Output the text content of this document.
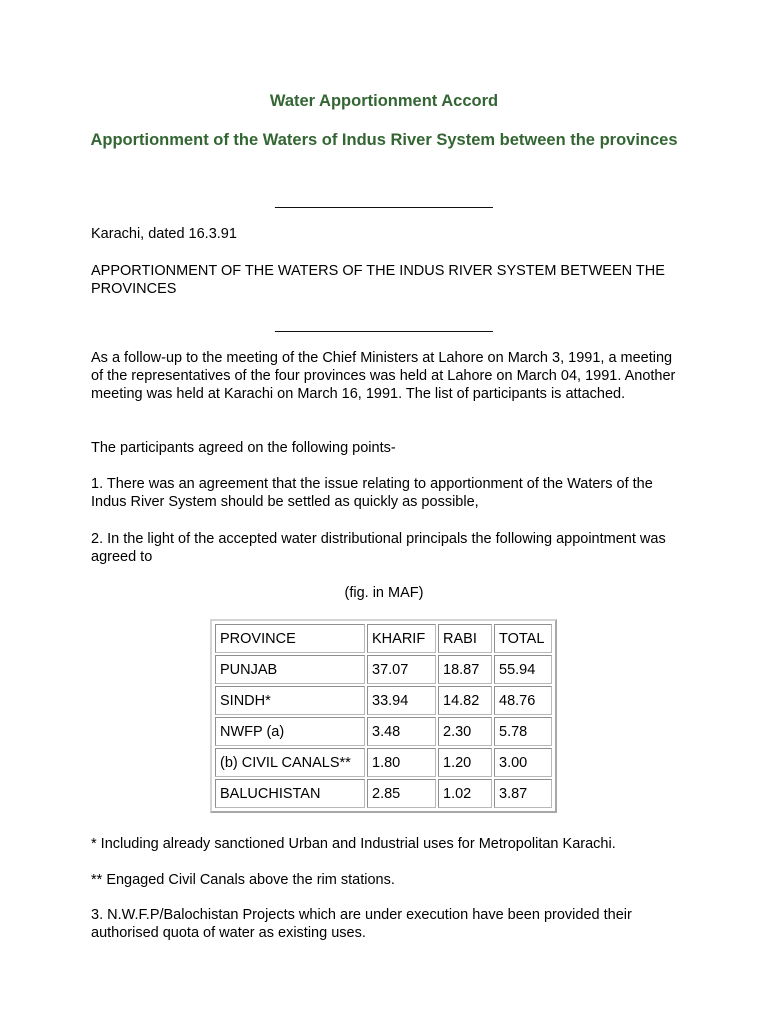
Water Apportionment Accord
Apportionment of the Waters of Indus River System between the provinces

___________________________

Karachi, dated 16.3.91

APPORTIONMENT OF THE WATERS OF THE INDUS RIVER SYSTEM BETWEEN THE PROVINCES

___________________________

As a follow-up to the meeting of the Chief Ministers at Lahore on March 3, 1991, a meeting of the representatives of the four provinces was held at Lahore on March 04, 1991. Another meeting was held at Karachi on March 16, 1991. The list of participants is attached.

The participants agreed on the following points-

1. There was an agreement that the issue relating to apportionment of the Waters of the Indus River System should be settled as quickly as possible,

2. In the light of the accepted water distributional principals the following appointment was agreed to

(fig. in MAF)

PROVINCE	KHARIF	RABI	TOTAL
PUNJAB	37.07	18.87	55.94
SINDH*	33.94	14.82	48.76
NWFP (a)	3.48	2.30	5.78
(b) CIVIL CANALS**	1.80	1.20	3.00
BALUCHISTAN	2.85	1.02	3.87

* Including already sanctioned Urban and Industrial uses for Metropolitan Karachi.

** Engaged Civil Canals above the rim stations.

3. N.W.F.P/Balochistan Projects which are under execution have been provided their authorised quota of water as existing uses.
